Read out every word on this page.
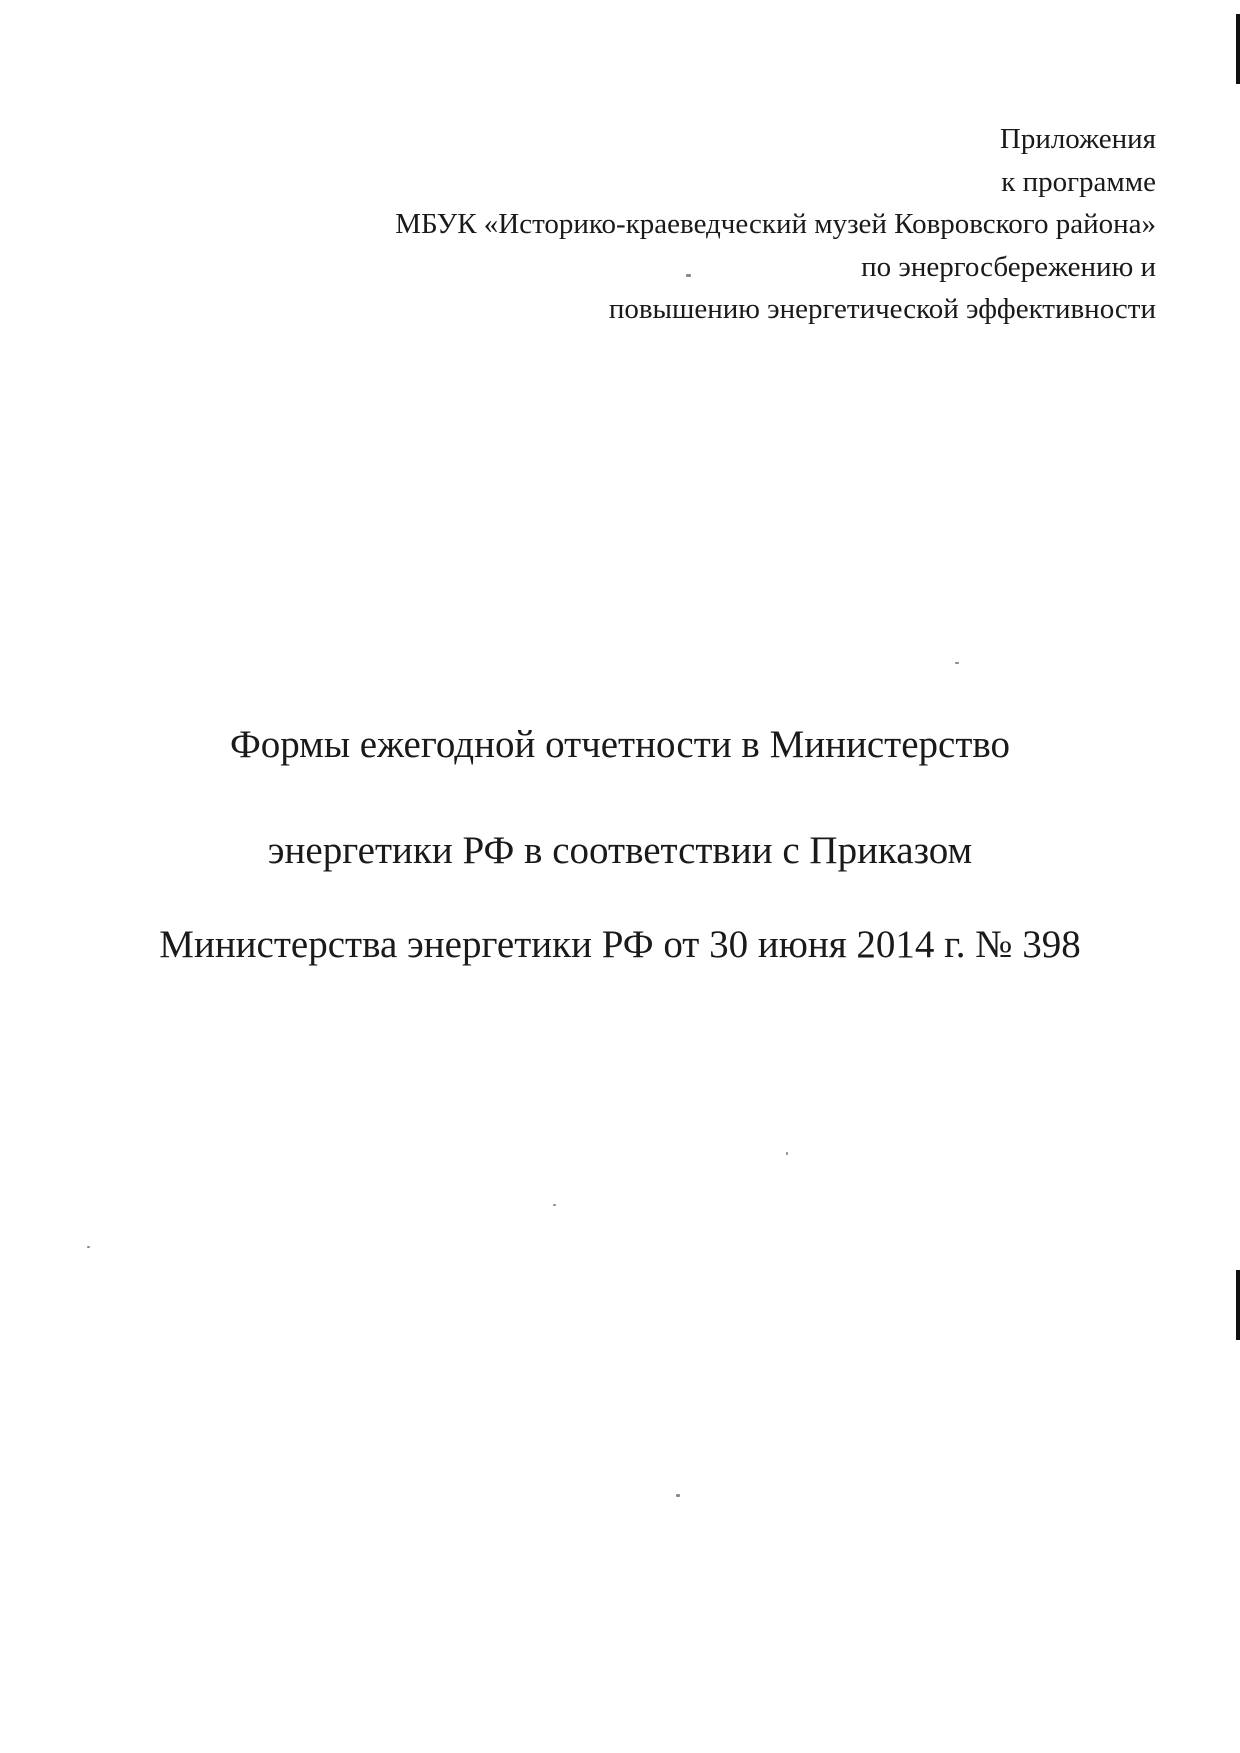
Приложения
к программе
МБУК «Историко-краеведческий музей Ковровского района»
по энергосбережению и
повышению энергетической эффективности
Формы ежегодной отчетности в Министерство
энергетики РФ в соответствии с Приказом
Министерства энергетики РФ от 30 июня 2014 г. № 398
